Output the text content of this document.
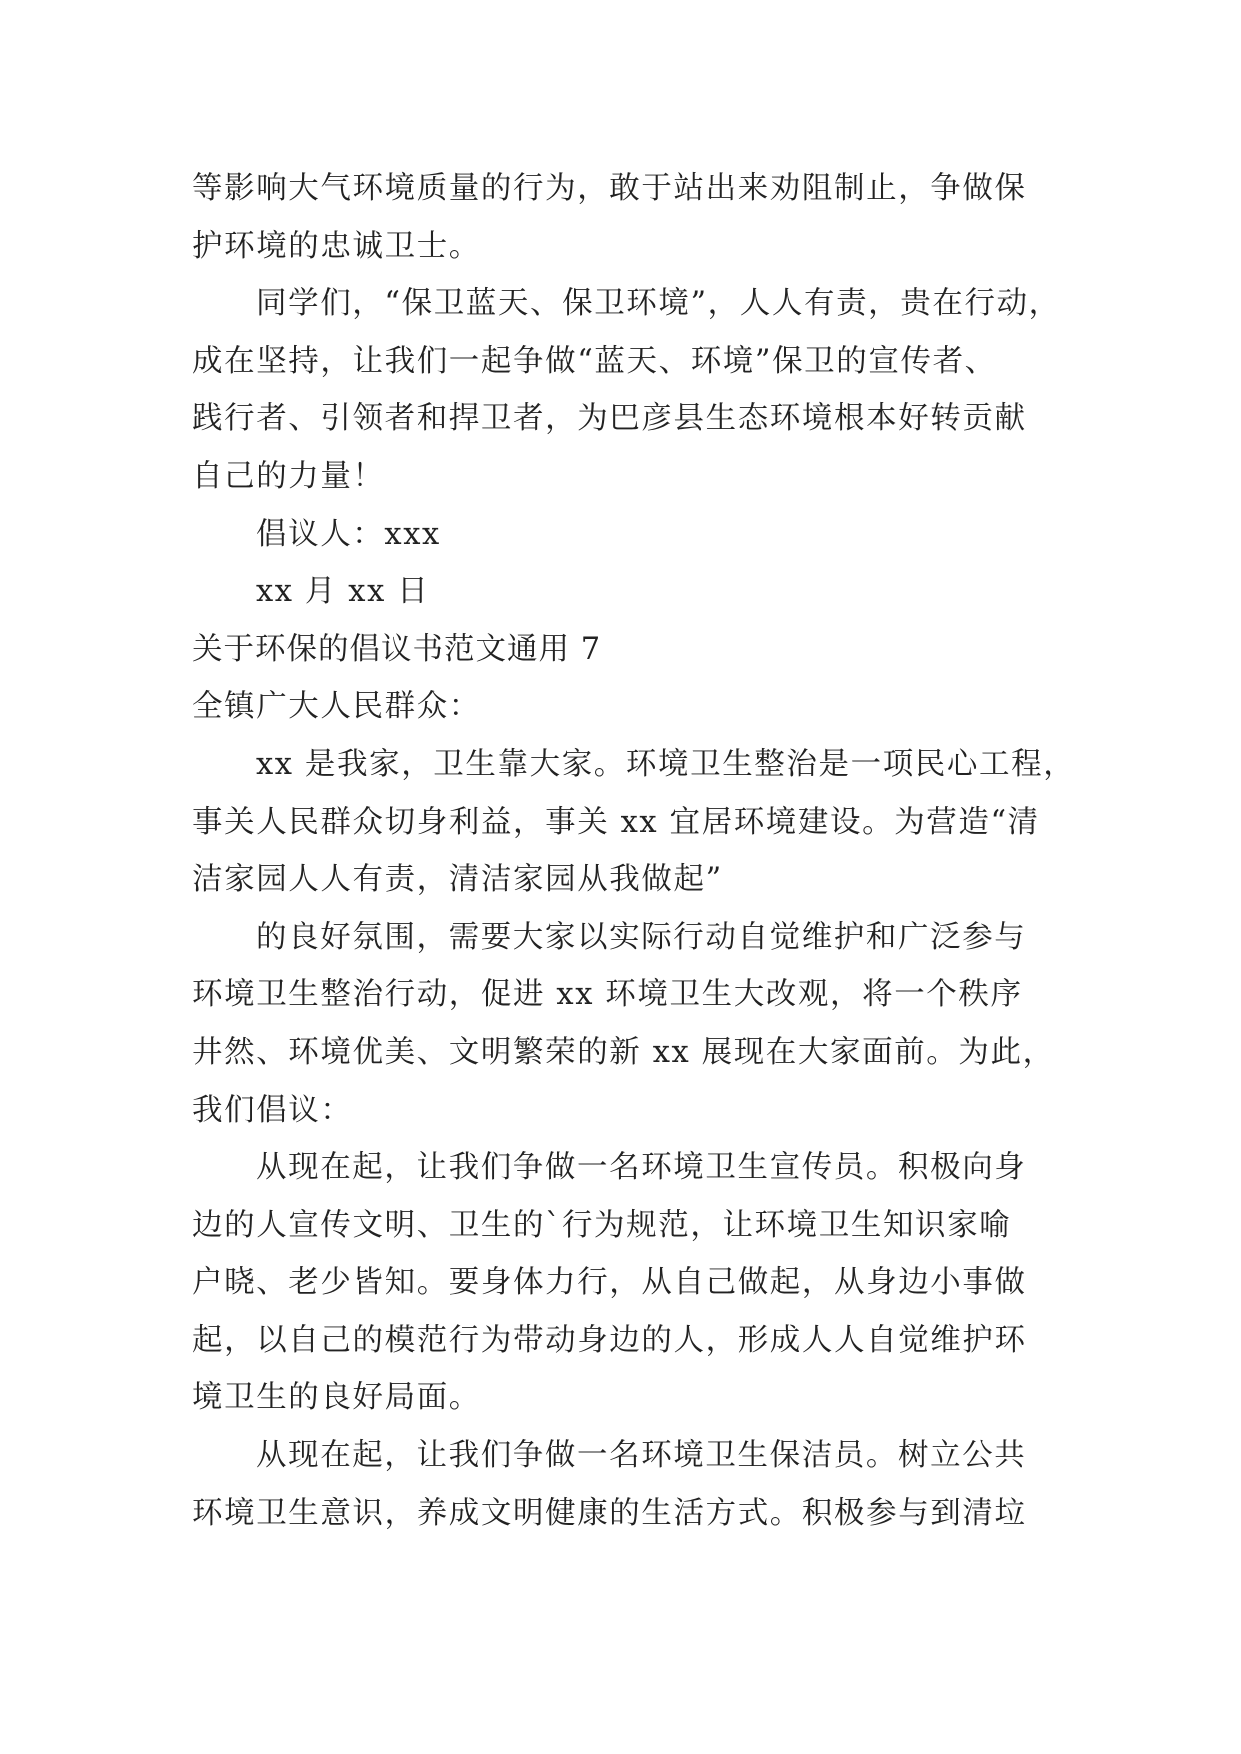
等影响大气环境质量的行为，敢于站出来劝阻制止，争做保
护环境的忠诚卫士。
同学们，“保卫蓝天、保卫环境”，人人有责，贵在行动，
成在坚持，让我们一起争做“蓝天、环境”保卫的宣传者、
践行者、引领者和捍卫者，为巴彦县生态环境根本好转贡献
自己的力量！
倡议人：xxx
xx 月 xx 日
关于环保的倡议书范文通用 7
全镇广大人民群众：
xx 是我家，卫生靠大家。环境卫生整治是一项民心工程，
事关人民群众切身利益，事关 xx 宜居环境建设。为营造“清
洁家园人人有责，清洁家园从我做起”
的良好氛围，需要大家以实际行动自觉维护和广泛参与
环境卫生整治行动，促进 xx 环境卫生大改观，将一个秩序
井然、环境优美、文明繁荣的新 xx 展现在大家面前。为此，
我们倡议：
从现在起，让我们争做一名环境卫生宣传员。积极向身
边的人宣传文明、卫生的`行为规范，让环境卫生知识家喻
户晓、老少皆知。要身体力行，从自己做起，从身边小事做
起，以自己的模范行为带动身边的人，形成人人自觉维护环
境卫生的良好局面。
从现在起，让我们争做一名环境卫生保洁员。树立公共
环境卫生意识，养成文明健康的生活方式。积极参与到清垃
